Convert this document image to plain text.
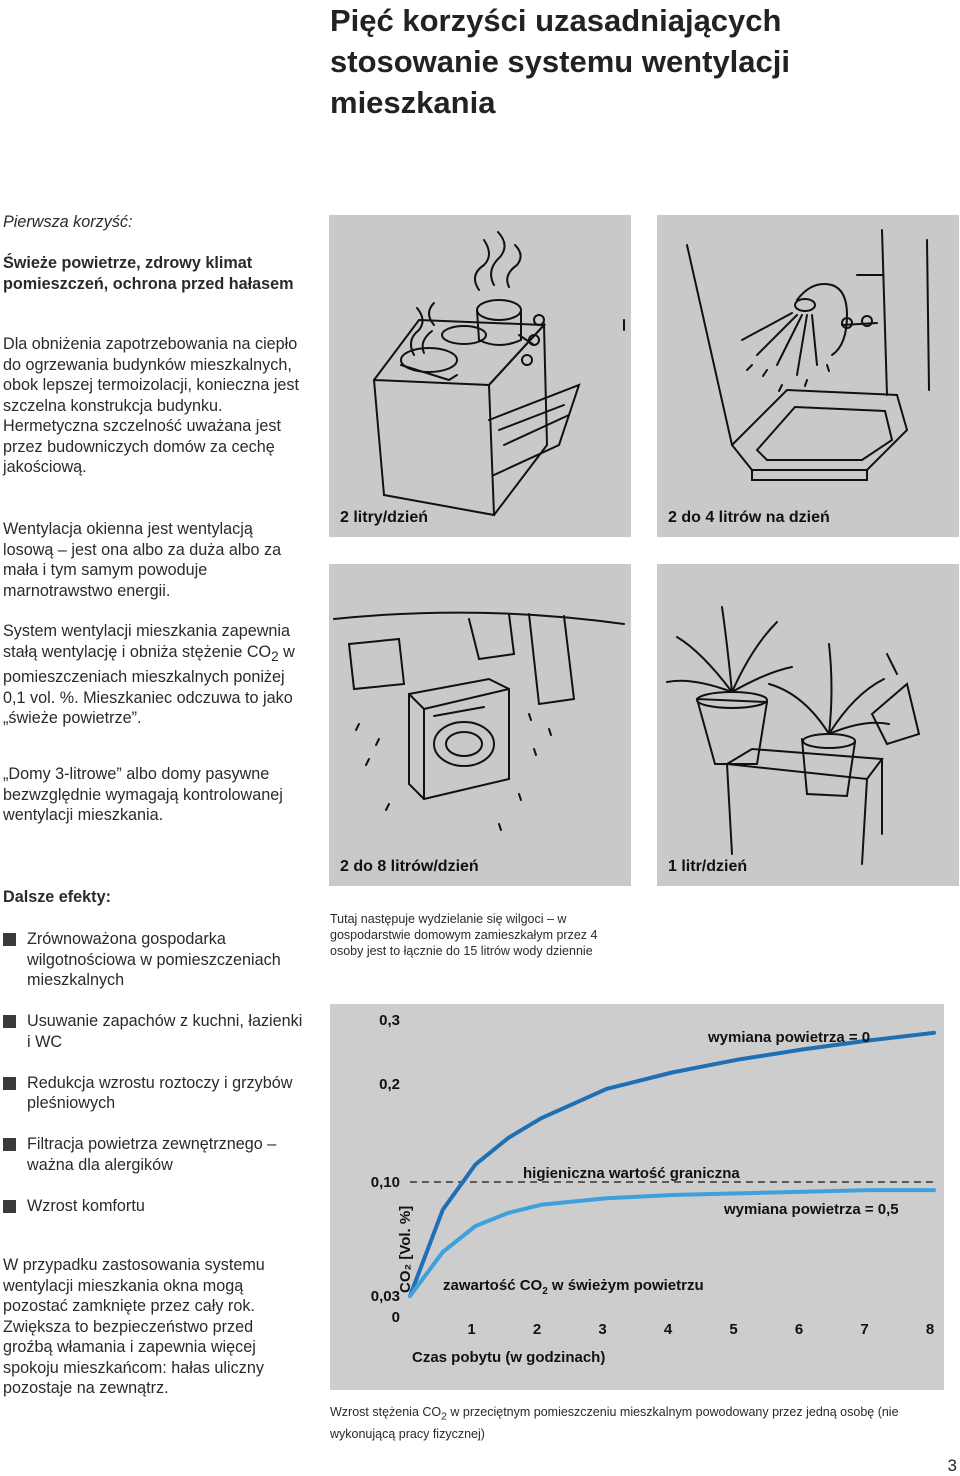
Pięć korzyści uzasadniających stosowanie systemu wentylacji mieszkania
Pierwsza korzyść:
Świeże powietrze, zdrowy klimat pomieszczeń, ochrona przed hałasem
Dla obniżenia zapotrzebowania na ciepło do ogrzewania budynków mieszkalnych, obok lepszej termoizolacji, konieczna jest szczelna konstrukcja budynku. Hermetyczna szczelność uważana jest przez budowniczych domów za cechę jakościową.
Wentylacja okienna jest wentylacją losową – jest ona albo za duża albo za mała i tym samym powoduje marnotrawstwo energii.
System wentylacji mieszkania zapewnia stałą wentylację i obniża stężenie $CO_2$ w pomieszczeniach mieszkalnych poniżej 0,1 vol. %. Mieszkaniec odczuwa to jako „świeże powietrze”.
„Domy 3-litrowe” albo domy pasywne bezwzględnie wymagają kontrolowanej wentylacji mieszkania.
Dalsze efekty:
Zrównoważona gospodarka wilgotnościowa w pomieszczeniach mieszkalnych
Usuwanie zapachów z kuchni, łazienki i WC
Redukcja wzrostu roztoczy i grzybów pleśniowych
Filtracja powietrza zewnętrznego – ważna dla alergików
Wzrost komfortu
W przypadku zastosowania systemu wentylacji mieszkania okna mogą pozostać zamknięte przez cały rok. Zwiększa to bezpieczeństwo przed groźbą włamania i zapewnia więcej spokoju mieszkańcom: hałas uliczny pozostaje na zewnątrz.
2 litry/dzień	2 do 4 litrów na dzień
2 do 8 litrów/dzień	1 litr/dzień
Tutaj następuje wydzielanie się wilgoci – w gospodarstwie domowym zamieszkałym przez 4 osoby jest to łącznie do 15 litrów wody dziennie
0
0,03
0,10
0,2
0,3
1	2	3	4	5	6	7	8
CO₂ [Vol. %]
Czas pobytu (w godzinach)
wymiana powietrza = 0
wymiana powietrza = 0,5
higieniczna wartość graniczna
zawartość $CO_2$ w świeżym powietrzu
Wzrost stężenia $CO_2$ w przeciętnym pomieszczeniu mieszkalnym powodowany przez jedną osobę (nie wykonującą pracy fizycznej)
3
